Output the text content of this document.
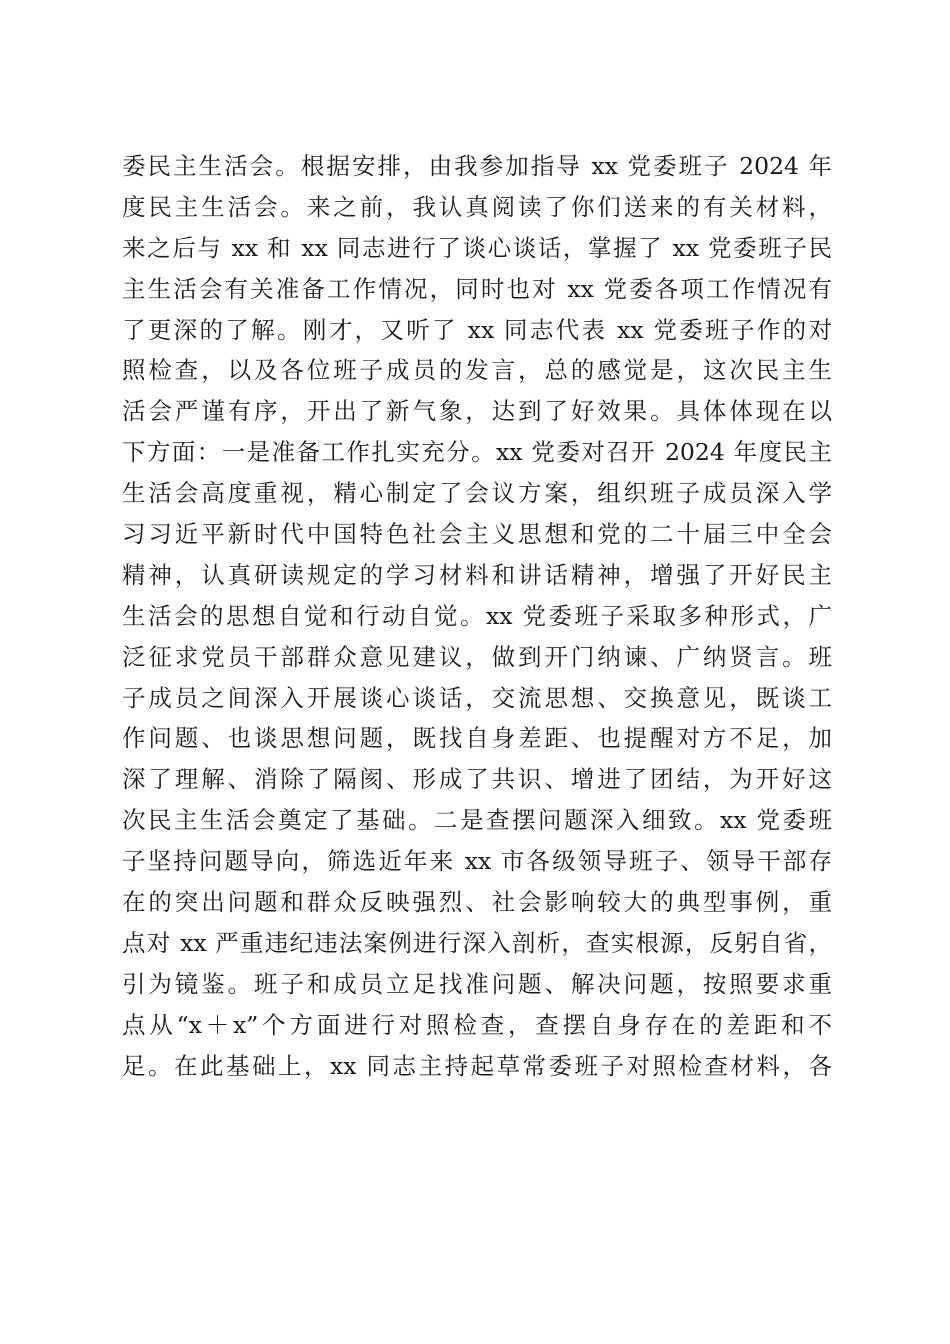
委民主生活会。根据安排，由我参加指导 xx 党委班子 2024 年
度民主生活会。来之前，我认真阅读了你们送来的有关材料，
来之后与 xx 和 xx 同志进行了谈心谈话，掌握了 xx 党委班子民
主生活会有关准备工作情况，同时也对 xx 党委各项工作情况有
了更深的了解。刚才，又听了 xx 同志代表 xx 党委班子作的对
照检查，以及各位班子成员的发言，总的感觉是，这次民主生
活会严谨有序，开出了新气象，达到了好效果。具体体现在以
下方面：一是准备工作扎实充分。xx 党委对召开 2024 年度民主
生活会高度重视，精心制定了会议方案，组织班子成员深入学
习习近平新时代中国特色社会主义思想和党的二十届三中全会
精神，认真研读规定的学习材料和讲话精神，增强了开好民主
生活会的思想自觉和行动自觉。xx 党委班子采取多种形式，广
泛征求党员干部群众意见建议，做到开门纳谏、广纳贤言。班
子成员之间深入开展谈心谈话，交流思想、交换意见，既谈工
作问题、也谈思想问题，既找自身差距、也提醒对方不足，加
深了理解、消除了隔阂、形成了共识、增进了团结，为开好这
次民主生活会奠定了基础。二是查摆问题深入细致。xx 党委班
子坚持问题导向，筛选近年来 xx 市各级领导班子、领导干部存
在的突出问题和群众反映强烈、社会影响较大的典型事例，重
点对 xx 严重违纪违法案例进行深入剖析，查实根源，反躬自省，
引为镜鉴。班子和成员立足找准问题、解决问题，按照要求重
点从“x＋x”个方面进行对照检查，查摆自身存在的差距和不
足。在此基础上，xx 同志主持起草常委班子对照检查材料，各
